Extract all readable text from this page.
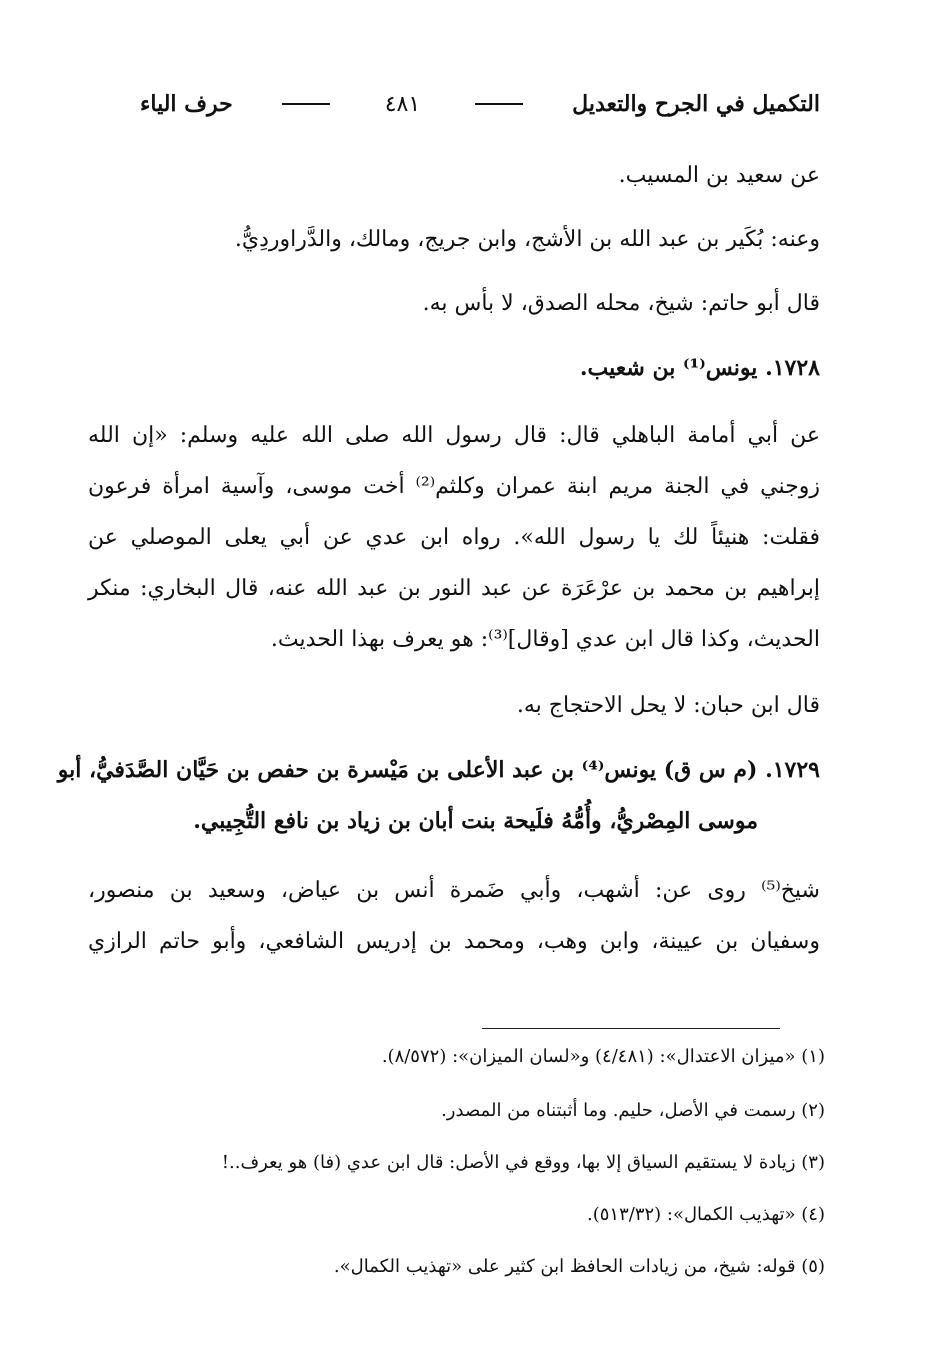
التكميل في الجرح والتعديل
٤٨١
حرف الياء
عن سعيد بن المسيب.
وعنه: بُكَير بن عبد الله بن الأشج، وابن جريج، ومالك، والدَّراوردِيُّ.
قال أبو حاتم: شيخ، محله الصدق، لا بأس به.
١٧٢٨. يونس⁽¹⁾ بن شعيب.
عن أبي أمامة الباهلي قال: قال رسول الله صلى الله عليه وسلم: «إن الله
زوجني في الجنة مريم ابنة عمران وكلثم⁽²⁾ أخت موسى، وآسية امرأة فرعون
فقلت: هنيئاً لك يا رسول الله». رواه ابن عدي عن أبي يعلى الموصلي عن
إبراهيم بن محمد بن عرْعَرَة عن عبد النور بن عبد الله عنه، قال البخاري: منكر
الحديث، وكذا قال ابن عدي [وقال]⁽³⁾: هو يعرف بهذا الحديث.
قال ابن حبان: لا يحل الاحتجاج به.
١٧٢٩. (م س ق) يونس⁽⁴⁾ بن عبد الأعلى بن مَيْسرة بن حفص بن حَيَّان الصَّدَفيُّ، أبو
موسى المِصْريُّ، وأُمُّهُ فلَيحة بنت أبان بن زياد بن نافع التُّجِيبي.
شيخ⁽⁵⁾ روى عن: أشهب، وأبي ضَمرة أنس بن عياض، وسعيد بن منصور،
وسفيان بن عيينة، وابن وهب، ومحمد بن إدريس الشافعي، وأبو حاتم الرازي
(١) «ميزان الاعتدال»: (٤/٤٨١) و«لسان الميزان»: (٨/٥٧٢).
(٢) رسمت في الأصل، حليم. وما أثبتناه من المصدر.
(٣) زيادة لا يستقيم السياق إلا بها، ووقع في الأصل: قال ابن عدي (فا) هو يعرف..!
(٤) «تهذيب الكمال»: (٥١٣/٣٢).
(٥) قوله: شيخ، من زيادات الحافظ ابن كثير على «تهذيب الكمال».
